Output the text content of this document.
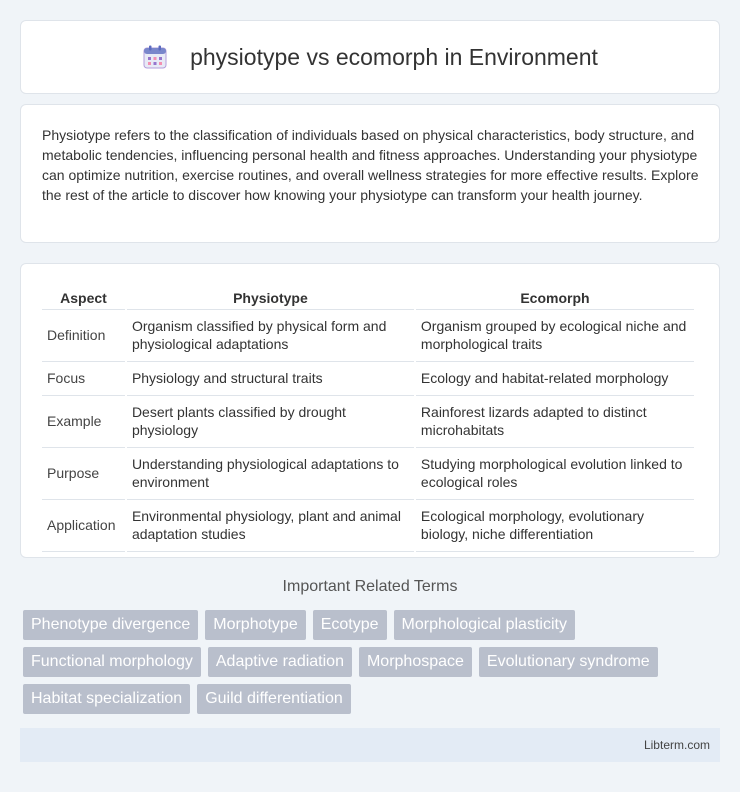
physiotype vs ecomorph in Environment

Physiotype refers to the classification of individuals based on physical characteristics, body structure, and metabolic tendencies, influencing personal health and fitness approaches. Understanding your physiotype can optimize nutrition, exercise routines, and overall wellness strategies for more effective results. Explore the rest of the article to discover how knowing your physiotype can transform your health journey.

Aspect	Physiotype	Ecomorph
Definition	Organism classified by physical form and physiological adaptations	Organism grouped by ecological niche and morphological traits
Focus	Physiology and structural traits	Ecology and habitat-related morphology
Example	Desert plants classified by drought physiology	Rainforest lizards adapted to distinct microhabitats
Purpose	Understanding physiological adaptations to environment	Studying morphological evolution linked to ecological roles
Application	Environmental physiology, plant and animal adaptation studies	Ecological morphology, evolutionary biology, niche differentiation
Important Related Terms
Phenotype divergence	Morphotype	Ecotype	Morphological plasticity
Functional morphology	Adaptive radiation	Morphospace	Evolutionary syndrome
Habitat specialization	Guild differentiation
Libterm.com
